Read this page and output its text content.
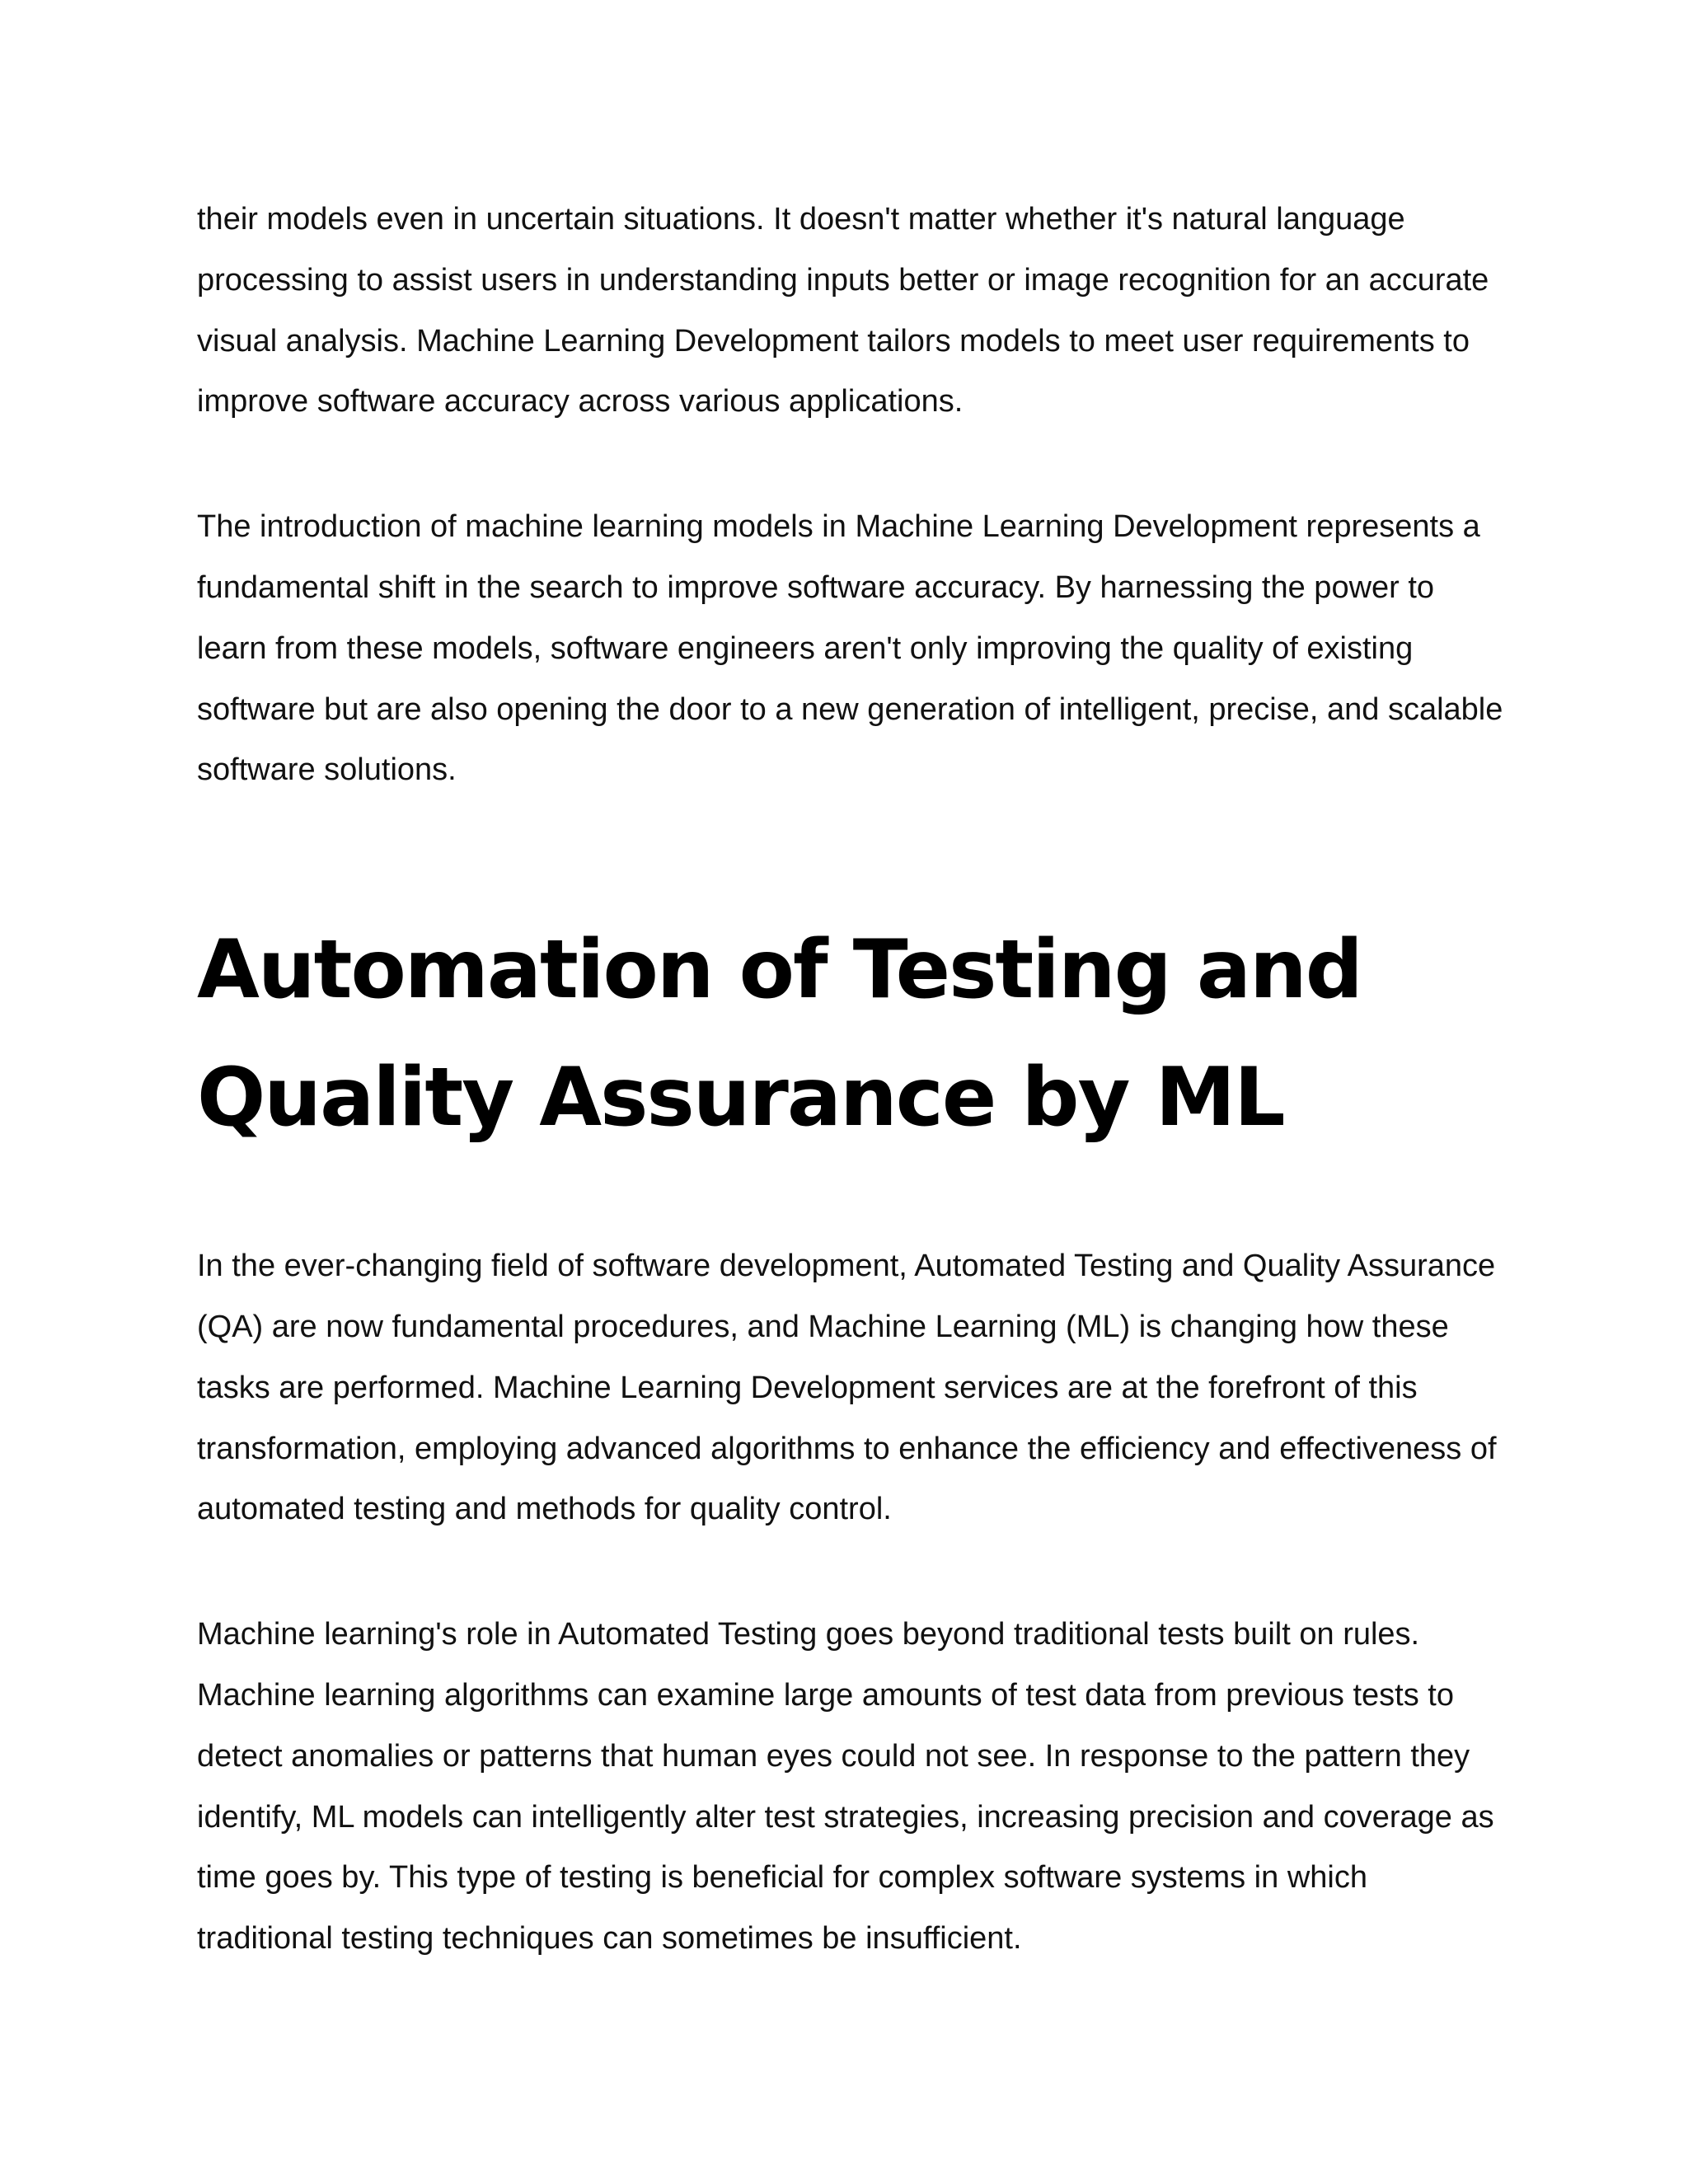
their models even in uncertain situations. It doesn't matter whether it's natural language processing to assist users in understanding inputs better or image recognition for an accurate visual analysis. Machine Learning Development tailors models to meet user requirements to improve software accuracy across various applications.

The introduction of machine learning models in Machine Learning Development represents a fundamental shift in the search to improve software accuracy. By harnessing the power to learn from these models, software engineers aren't only improving the quality of existing software but are also opening the door to a new generation of intelligent, precise, and scalable software solutions.

Automation of Testing and Quality Assurance by ML

In the ever-changing field of software development, Automated Testing and Quality Assurance (QA) are now fundamental procedures, and Machine Learning (ML) is changing how these tasks are performed. Machine Learning Development services are at the forefront of this transformation, employing advanced algorithms to enhance the efficiency and effectiveness of automated testing and methods for quality control.

Machine learning's role in Automated Testing goes beyond traditional tests built on rules. Machine learning algorithms can examine large amounts of test data from previous tests to detect anomalies or patterns that human eyes could not see. In response to the pattern they identify, ML models can intelligently alter test strategies, increasing precision and coverage as time goes by. This type of testing is beneficial for complex software systems in which traditional testing techniques can sometimes be insufficient.
